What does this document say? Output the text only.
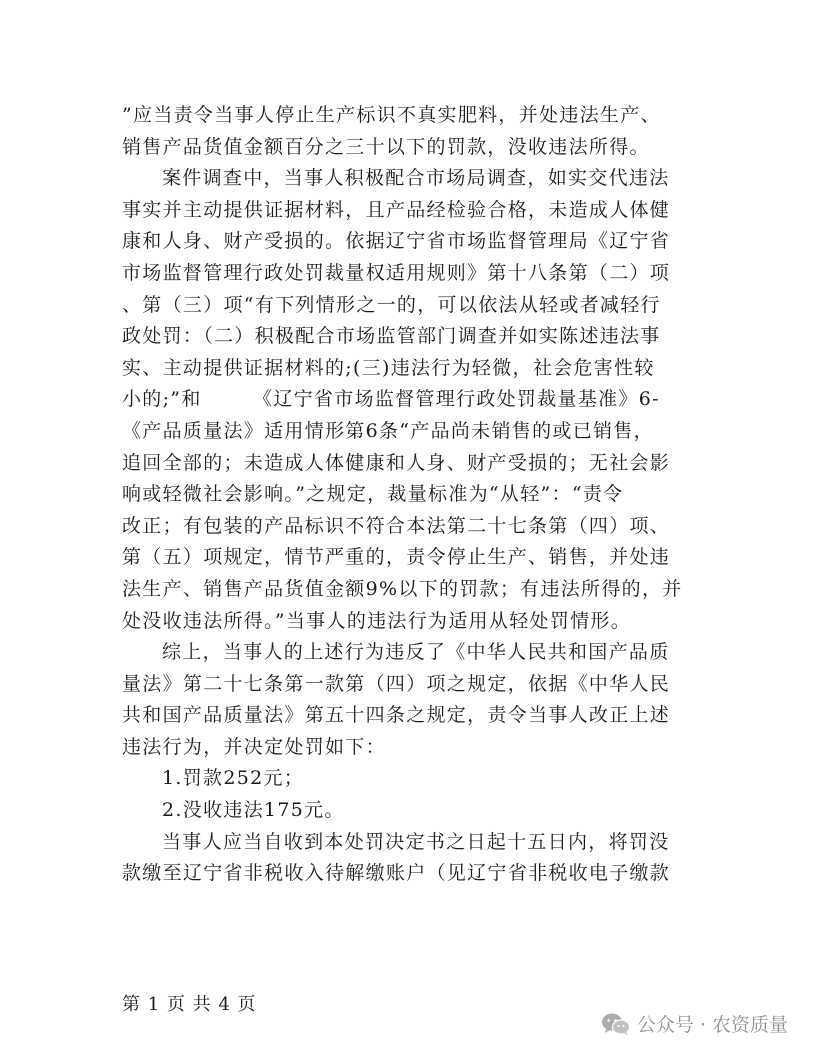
”应当责令当事人停止生产标识不真实肥料，并处违法生产、
销售产品货值金额百分之三十以下的罚款，没收违法所得。
案件调查中，当事人积极配合市场局调查，如实交代违法
事实并主动提供证据材料，且产品经检验合格，未造成人体健
康和人身、财产受损的。依据辽宁省市场监督管理局《辽宁省
市场监督管理行政处罚裁量权适用规则》第十八条第（二）项
、第（三）项“有下列情形之一的，可以依法从轻或者减轻行
政处罚：（二）积极配合市场监管部门调查并如实陈述违法事
实、主动提供证据材料的;(三)违法行为轻微，社会危害性较
小的;”和　　　《辽宁省市场监督管理行政处罚裁量基准》6-
《产品质量法》适用情形第6条“产品尚未销售的或已销售，
追回全部的；未造成人体健康和人身、财产受损的；无社会影
响或轻微社会影响。”之规定，裁量标准为“从轻”：“责令
改正；有包装的产品标识不符合本法第二十七条第（四）项、
第（五）项规定，情节严重的，责令停止生产、销售，并处违
法生产、销售产品货值金额9%以下的罚款；有违法所得的，并
处没收违法所得。”当事人的违法行为适用从轻处罚情形。
综上，当事人的上述行为违反了《中华人民共和国产品质
量法》第二十七条第一款第（四）项之规定，依据《中华人民
共和国产品质量法》第五十四条之规定，责令当事人改正上述
违法行为，并决定处罚如下：
1.罚款252元；
2.没收违法175元。
当事人应当自收到本处罚决定书之日起十五日内，将罚没
款缴至辽宁省非税收入待解缴账户（见辽宁省非税收电子缴款
第 1 页 共 4 页
公众号 · 农资质量
